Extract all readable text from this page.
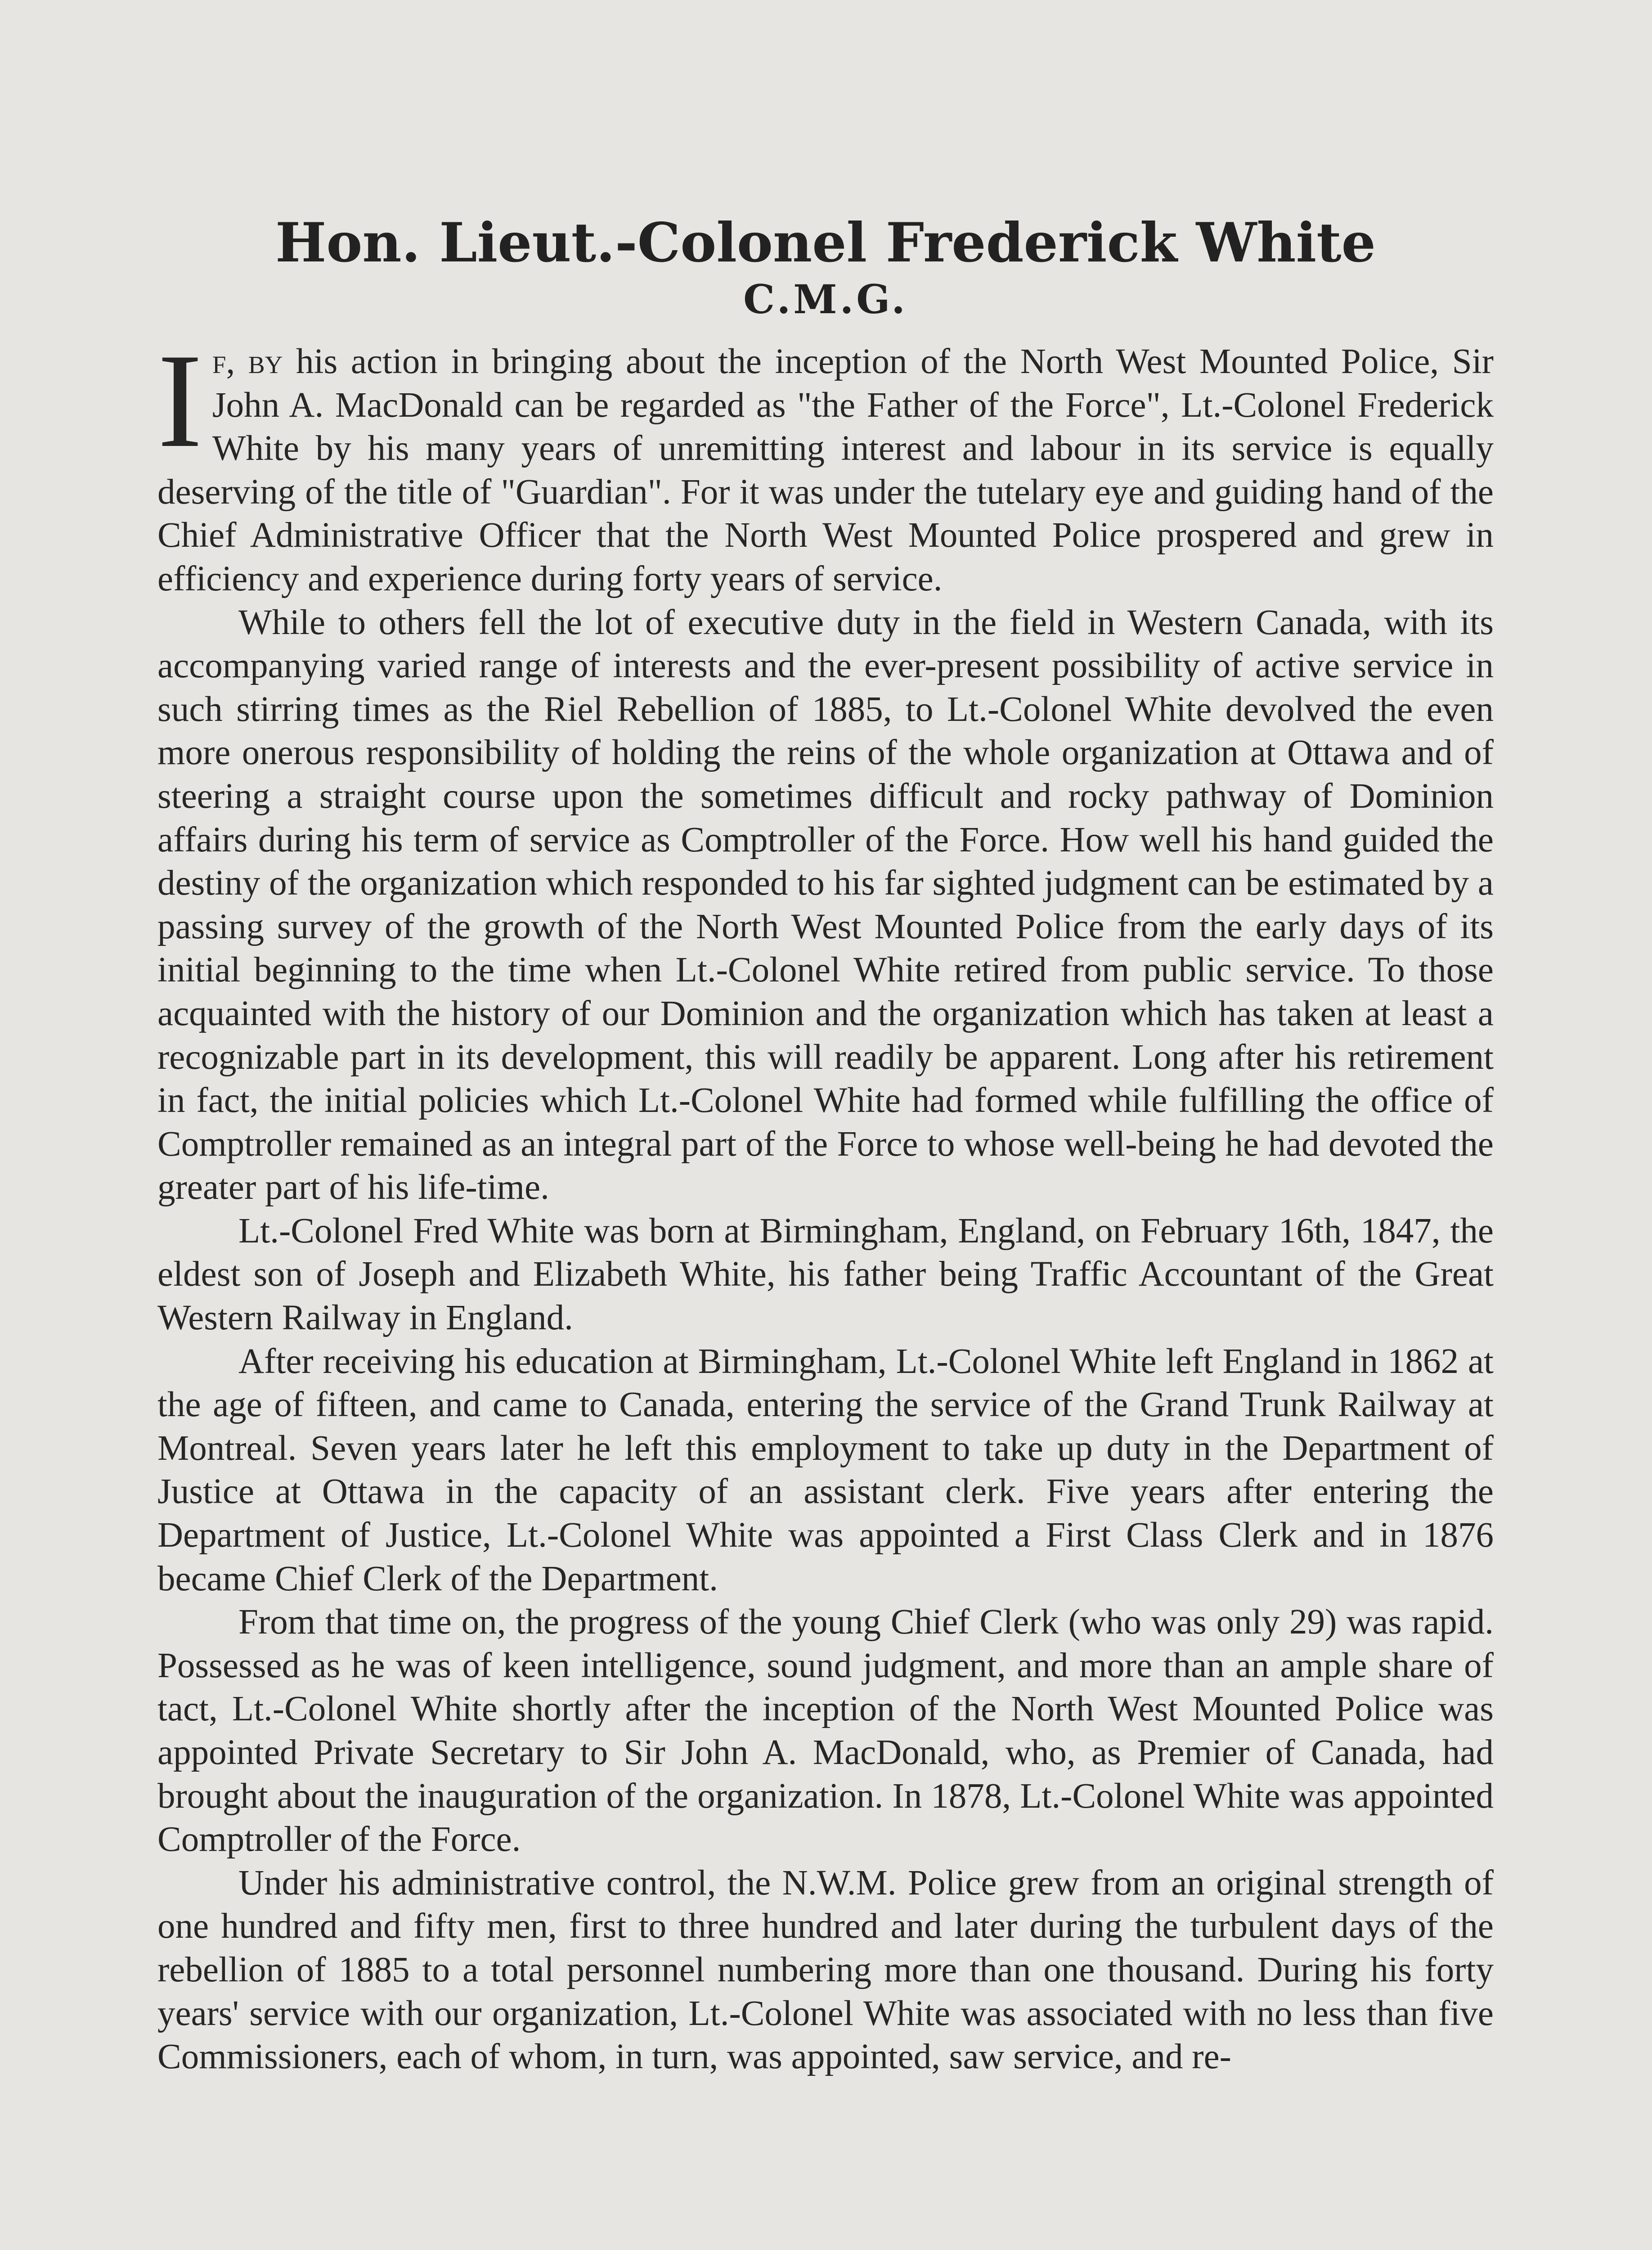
Hon. Lieut.-Colonel Frederick White
C.M.G.

If, by his action in bringing about the inception of the North West Mounted Police, Sir John A. MacDonald can be regarded as "the Father of the Force", Lt.-Colonel Frederick White by his many years of unremitting interest and labour in its service is equally deserving of the title of "Guardian". For it was under the tutelary eye and guiding hand of the Chief Administrative Officer that the North West Mounted Police prospered and grew in efficiency and experience during forty years of service.

While to others fell the lot of executive duty in the field in Western Canada, with its accompanying varied range of interests and the ever-present possibility of active service in such stirring times as the Riel Rebellion of 1885, to Lt.-Colonel White devolved the even more onerous responsibility of holding the reins of the whole organization at Ottawa and of steering a straight course upon the sometimes difficult and rocky pathway of Dominion affairs during his term of service as Comptroller of the Force. How well his hand guided the destiny of the organization which responded to his far sighted judgment can be estimated by a passing survey of the growth of the North West Mounted Police from the early days of its initial beginning to the time when Lt.-Colonel White retired from public service. To those acquainted with the history of our Dominion and the organization which has taken at least a recognizable part in its development, this will readily be apparent. Long after his retirement in fact, the initial policies which Lt.-Colonel White had formed while fulfilling the office of Comptroller remained as an integral part of the Force to whose well-being he had devoted the greater part of his life-time.

Lt.-Colonel Fred White was born at Birmingham, England, on February 16th, 1847, the eldest son of Joseph and Elizabeth White, his father being Traffic Accountant of the Great Western Railway in England.

After receiving his education at Birmingham, Lt.-Colonel White left England in 1862 at the age of fifteen, and came to Canada, entering the service of the Grand Trunk Railway at Montreal. Seven years later he left this employment to take up duty in the Department of Justice at Ottawa in the capacity of an assistant clerk. Five years after entering the Department of Justice, Lt.-Colonel White was appointed a First Class Clerk and in 1876 became Chief Clerk of the Department.

From that time on, the progress of the young Chief Clerk (who was only 29) was rapid. Possessed as he was of keen intelligence, sound judgment, and more than an ample share of tact, Lt.-Colonel White shortly after the inception of the North West Mounted Police was appointed Private Secretary to Sir John A. MacDonald, who, as Premier of Canada, had brought about the inauguration of the organization. In 1878, Lt.-Colonel White was appointed Comptroller of the Force.

Under his administrative control, the N.W.M. Police grew from an original strength of one hundred and fifty men, first to three hundred and later during the turbulent days of the rebellion of 1885 to a total personnel numbering more than one thousand. During his forty years' service with our organization, Lt.-Colonel White was associated with no less than five Commissioners, each of whom, in turn, was appointed, saw service, and re-
